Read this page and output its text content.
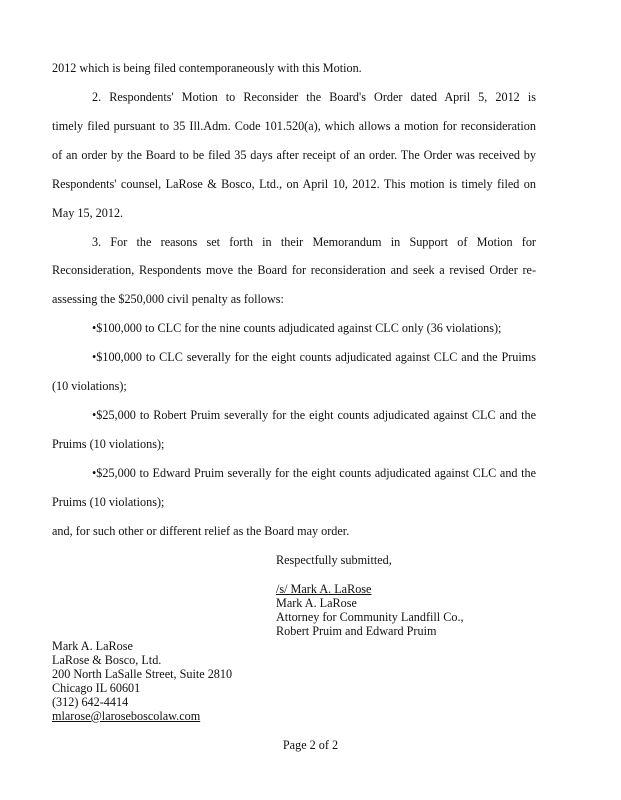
2012 which is being filed contemporaneously with this Motion.
2. Respondents' Motion to Reconsider the Board's Order dated April 5, 2012 is
timely filed pursuant to 35 Ill.Adm. Code 101.520(a), which allows a motion for reconsideration
of an order by the Board to be filed 35 days after receipt of an order. The Order was received by
Respondents' counsel, LaRose & Bosco, Ltd., on April 10, 2012. This motion is timely filed on
May 15, 2012.
3. For the reasons set forth in their Memorandum in Support of Motion for
Reconsideration, Respondents move the Board for reconsideration and seek a revised Order re-
assessing the $250,000 civil penalty as follows:
•$100,000 to CLC for the nine counts adjudicated against CLC only (36 violations);
•$100,000 to CLC severally for the eight counts adjudicated against CLC and the Pruims
(10 violations);
•$25,000 to Robert Pruim severally for the eight counts adjudicated against CLC and the
Pruims (10 violations);
•$25,000 to Edward Pruim severally for the eight counts adjudicated against CLC and the
Pruims (10 violations);
and, for such other or different relief as the Board may order.
Respectfully submitted,
/s/ Mark A. LaRose
Mark A. LaRose
Attorney for Community Landfill Co.,
Robert Pruim and Edward Pruim
Mark A. LaRose
LaRose & Bosco, Ltd.
200 North LaSalle Street, Suite 2810
Chicago IL 60601
(312) 642-4414
mlarose@laroseboscolaw.com
Page 2 of 2
